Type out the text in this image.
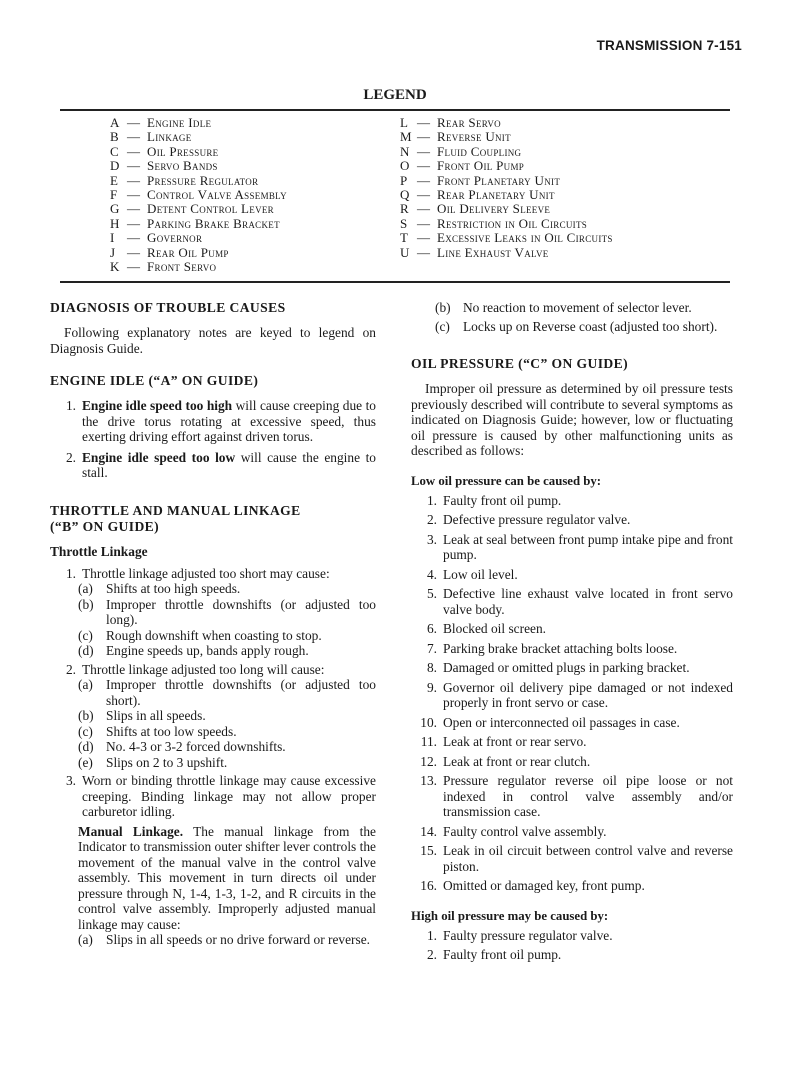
TRANSMISSION 7-151
LEGEND
A — Engine Idle
B — Linkage
C — Oil Pressure
D — Servo Bands
E — Pressure Regulator
F — Control Valve Assembly
G — Detent Control Lever
H — Parking Brake Bracket
I — Governor
J — Rear Oil Pump
K — Front Servo
L — Rear Servo
M — Reverse Unit
N — Fluid Coupling
O — Front Oil Pump
P — Front Planetary Unit
Q — Rear Planetary Unit
R — Oil Delivery Sleeve
S — Restriction in Oil Circuits
T — Excessive Leaks in Oil Circuits
U — Line Exhaust Valve
DIAGNOSIS OF TROUBLE CAUSES

Following explanatory notes are keyed to legend on Diagnosis Guide.

ENGINE IDLE (“A” ON GUIDE)
1. Engine idle speed too high will cause creeping due to the drive torus rotating at excessive speed, thus exerting driving effort against driven torus.
2. Engine idle speed too low will cause the engine to stall.
THROTTLE AND MANUAL LINKAGE
(“B” ON GUIDE)
Throttle Linkage
1. Throttle linkage adjusted too short may cause:
(a) Shifts at too high speeds.
(b) Improper throttle downshifts (or adjusted too long).
(c) Rough downshift when coasting to stop.
(d) Engine speeds up, bands apply rough.
2. Throttle linkage adjusted too long will cause:
(a) Improper throttle downshifts (or adjusted too short).
(b) Slips in all speeds.
(c) Shifts at too low speeds.
(d) No. 4-3 or 3-2 forced downshifts.
(e) Slips on 2 to 3 upshift.
3. Worn or binding throttle linkage may cause excessive creeping. Binding linkage may not allow proper carburetor idling.

Manual Linkage. The manual linkage from the Indicator to transmission outer shifter lever controls the movement of the manual valve in the control valve assembly. This movement in turn directs oil under pressure through N, 1-4, 1-3, 1-2, and R circuits in the control valve assembly. Improperly adjusted manual linkage may cause:

(a) Slips in all speeds or no drive forward or reverse.
(b) No reaction to movement of selector lever.
(c) Locks up on Reverse coast (adjusted too short).
OIL PRESSURE (“C” ON GUIDE)

Improper oil pressure as determined by oil pressure tests previously described will contribute to several symptoms as indicated on Diagnosis Guide; however, low or fluctuating oil pressure is caused by other malfunctioning units as described as follows:

Low oil pressure can be caused by:
1. Faulty front oil pump.
2. Defective pressure regulator valve.
3. Leak at seal between front pump intake pipe and front pump.
4. Low oil level.
5. Defective line exhaust valve located in front servo valve body.
6. Blocked oil screen.
7. Parking brake bracket attaching bolts loose.
8. Damaged or omitted plugs in parking bracket.
9. Governor oil delivery pipe damaged or not indexed properly in front servo or case.
10. Open or interconnected oil passages in case.
11. Leak at front or rear servo.
12. Leak at front or rear clutch.
13. Pressure regulator reverse oil pipe loose or not indexed in control valve assembly and/or transmission case.
14. Faulty control valve assembly.
15. Leak in oil circuit between control valve and reverse piston.
16. Omitted or damaged key, front pump.
High oil pressure may be caused by:
1. Faulty pressure regulator valve.
2. Faulty front oil pump.
